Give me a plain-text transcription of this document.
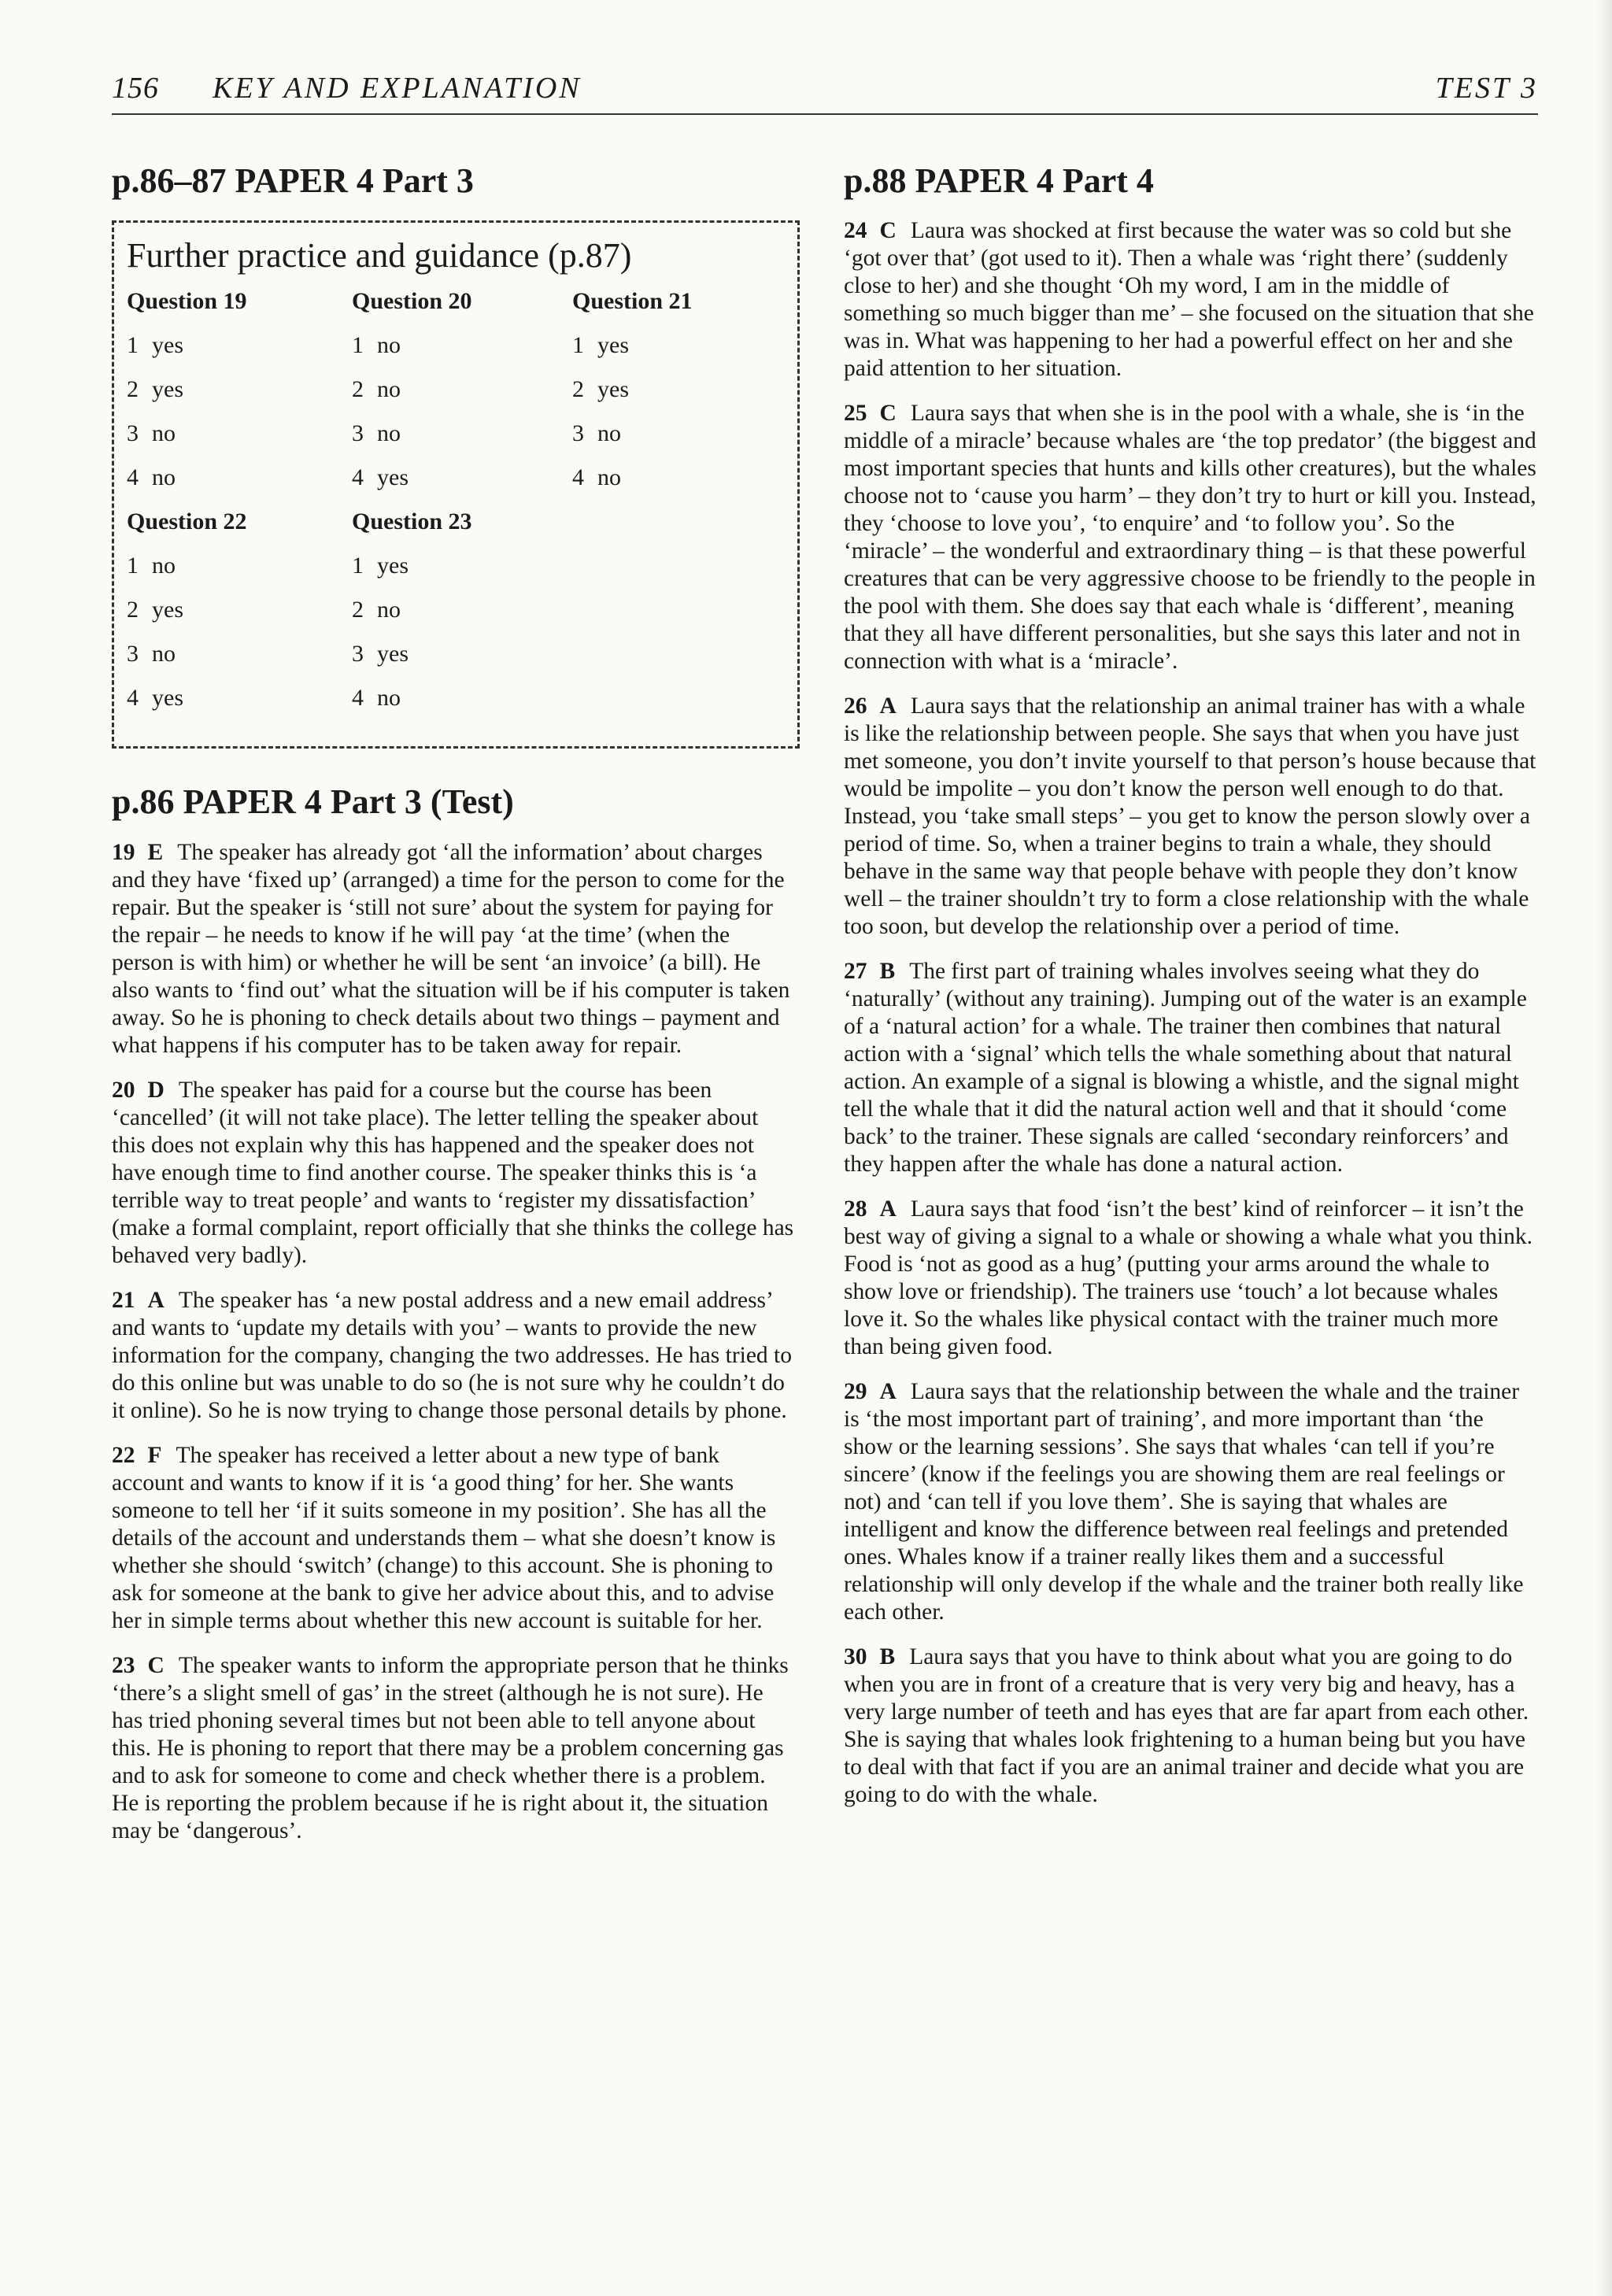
156 KEY AND EXPLANATION	TEST 3
p.86–87 PAPER 4 Part 3
Further practice and guidance (p.87)
Question 19	Question 20	Question 21
1 yes	1 no	1 yes
2 yes	2 no	2 yes
3 no	3 no	3 no
4 no	4 yes	4 no
Question 22	Question 23
1 no	1 yes
2 yes	2 no
3 no	3 yes
4 yes	4 no
p.86 PAPER 4 Part 3 (Test)

19 E The speaker has already got ‘all the information’ about charges and they have ‘fixed up’ (arranged) a time for the person to come for the repair. But the speaker is ‘still not sure’ about the system for paying for the repair – he needs to know if he will pay ‘at the time’ (when the person is with him) or whether he will be sent ‘an invoice’ (a bill). He also wants to ‘find out’ what the situation will be if his computer is taken away. So he is phoning to check details about two things – payment and what happens if his computer has to be taken away for repair.

20 D The speaker has paid for a course but the course has been ‘cancelled’ (it will not take place). The letter telling the speaker about this does not explain why this has happened and the speaker does not have enough time to find another course. The speaker thinks this is ‘a terrible way to treat people’ and wants to ‘register my dissatisfaction’ (make a formal complaint, report officially that she thinks the college has behaved very badly).

21 A The speaker has ‘a new postal address and a new email address’ and wants to ‘update my details with you’ – wants to provide the new information for the company, changing the two addresses. He has tried to do this online but was unable to do so (he is not sure why he couldn’t do it online). So he is now trying to change those personal details by phone.

22 F The speaker has received a letter about a new type of bank account and wants to know if it is ‘a good thing’ for her. She wants someone to tell her ‘if it suits someone in my position’. She has all the details of the account and understands them – what she doesn’t know is whether she should ‘switch’ (change) to this account. She is phoning to ask for someone at the bank to give her advice about this, and to advise her in simple terms about whether this new account is suitable for her.

23 C The speaker wants to inform the appropriate person that he thinks ‘there’s a slight smell of gas’ in the street (although he is not sure). He has tried phoning several times but not been able to tell anyone about this. He is phoning to report that there may be a problem concerning gas and to ask for someone to come and check whether there is a problem. He is reporting the problem because if he is right about it, the situation may be ‘dangerous’.

p.88 PAPER 4 Part 4

24 C Laura was shocked at first because the water was so cold but she ‘got over that’ (got used to it). Then a whale was ‘right there’ (suddenly close to her) and she thought ‘Oh my word, I am in the middle of something so much bigger than me’ – she focused on the situation that she was in. What was happening to her had a powerful effect on her and she paid attention to her situation.

25 C Laura says that when she is in the pool with a whale, she is ‘in the middle of a miracle’ because whales are ‘the top predator’ (the biggest and most important species that hunts and kills other creatures), but the whales choose not to ‘cause you harm’ – they don’t try to hurt or kill you. Instead, they ‘choose to love you’, ‘to enquire’ and ‘to follow you’. So the ‘miracle’ – the wonderful and extraordinary thing – is that these powerful creatures that can be very aggressive choose to be friendly to the people in the pool with them. She does say that each whale is ‘different’, meaning that they all have different personalities, but she says this later and not in connection with what is a ‘miracle’.

26 A Laura says that the relationship an animal trainer has with a whale is like the relationship between people. She says that when you have just met someone, you don’t invite yourself to that person’s house because that would be impolite – you don’t know the person well enough to do that. Instead, you ‘take small steps’ – you get to know the person slowly over a period of time. So, when a trainer begins to train a whale, they should behave in the same way that people behave with people they don’t know well – the trainer shouldn’t try to form a close relationship with the whale too soon, but develop the relationship over a period of time.

27 B The first part of training whales involves seeing what they do ‘naturally’ (without any training). Jumping out of the water is an example of a ‘natural action’ for a whale. The trainer then combines that natural action with a ‘signal’ which tells the whale something about that natural action. An example of a signal is blowing a whistle, and the signal might tell the whale that it did the natural action well and that it should ‘come back’ to the trainer. These signals are called ‘secondary reinforcers’ and they happen after the whale has done a natural action.

28 A Laura says that food ‘isn’t the best’ kind of reinforcer – it isn’t the best way of giving a signal to a whale or showing a whale what you think. Food is ‘not as good as a hug’ (putting your arms around the whale to show love or friendship). The trainers use ‘touch’ a lot because whales love it. So the whales like physical contact with the trainer much more than being given food.

29 A Laura says that the relationship between the whale and the trainer is ‘the most important part of training’, and more important than ‘the show or the learning sessions’. She says that whales ‘can tell if you’re sincere’ (know if the feelings you are showing them are real feelings or not) and ‘can tell if you love them’. She is saying that whales are intelligent and know the difference between real feelings and pretended ones. Whales know if a trainer really likes them and a successful relationship will only develop if the whale and the trainer both really like each other.

30 B Laura says that you have to think about what you are going to do when you are in front of a creature that is very very big and heavy, has a very large number of teeth and has eyes that are far apart from each other. She is saying that whales look frightening to a human being but you have to deal with that fact if you are an animal trainer and decide what you are going to do with the whale.
